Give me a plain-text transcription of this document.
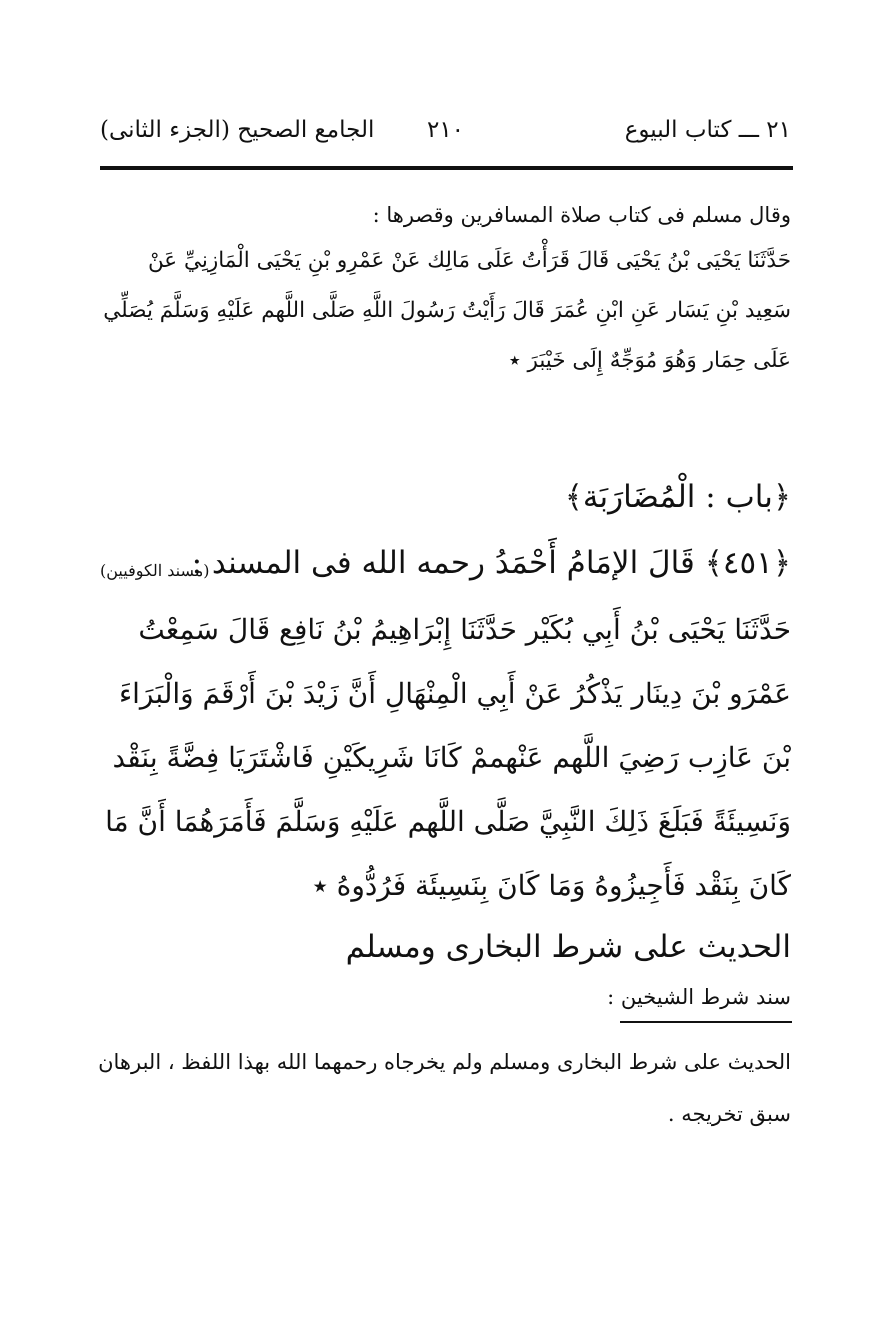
٢١ ـــ كتاب البيوع
٢١٠
الجامع الصحيح (الجزء الثانى)
وقال مسلم فى كتاب صلاة المسافرين وقصرها :
حَدَّثَنَا يَحْيَى بْنُ يَحْيَى قَالَ قَرَأْتُ عَلَى مَالِك عَنْ عَمْرِو بْنِ يَحْيَى الْمَازِنِيِّ عَنْ
سَعِيد بْنِ يَسَار عَنِ ابْنِ عُمَرَ قَالَ رَأَيْتُ رَسُولَ اللَّهِ صَلَّى اللَّهم عَلَيْهِ وَسَلَّمَ يُصَلِّي
عَلَى حِمَار وَهُوَ مُوَجِّهٌ إِلَى خَيْبَرَ ٭
﴿باب : الْمُضَارَبَة﴾
﴿٤٥١﴾ قَالَ الإمَامُ أَحْمَدُ رحمه الله فى المسند :
(مسند الكوفيين)
حَدَّثَنَا يَحْيَى بْنُ أَبِي بُكَيْر حَدَّثَنَا إِبْرَاهِيمُ بْنُ نَافِع قَالَ سَمِعْتُ
عَمْرَو بْنَ دِينَار يَذْكُرُ عَنْ أَبِي الْمِنْهَالِ أَنَّ زَيْدَ بْنَ أَرْقَمَ وَالْبَرَاءَ
بْنَ عَازِب رَضِيَ اللَّهم عَنْهممْ كَانَا شَرِيكَيْنِ فَاشْتَرَيَا فِضَّةً بِنَقْد
وَنَسِيئَةً فَبَلَغَ ذَلِكَ النَّبِيَّ صَلَّى اللَّهم عَلَيْهِ وَسَلَّمَ فَأَمَرَهُمَا أَنَّ مَا
كَانَ بِنَقْد فَأَجِيزُوهُ وَمَا كَانَ بِنَسِيئَة فَرُدُّوهُ ٭
الحديث على شرط البخارى ومسلم
سند شرط الشيخين :
الحديث على شرط البخارى ومسلم ولم يخرجاه رحمهما الله بهذا اللفظ ، البرهان
سبق تخريجه .
